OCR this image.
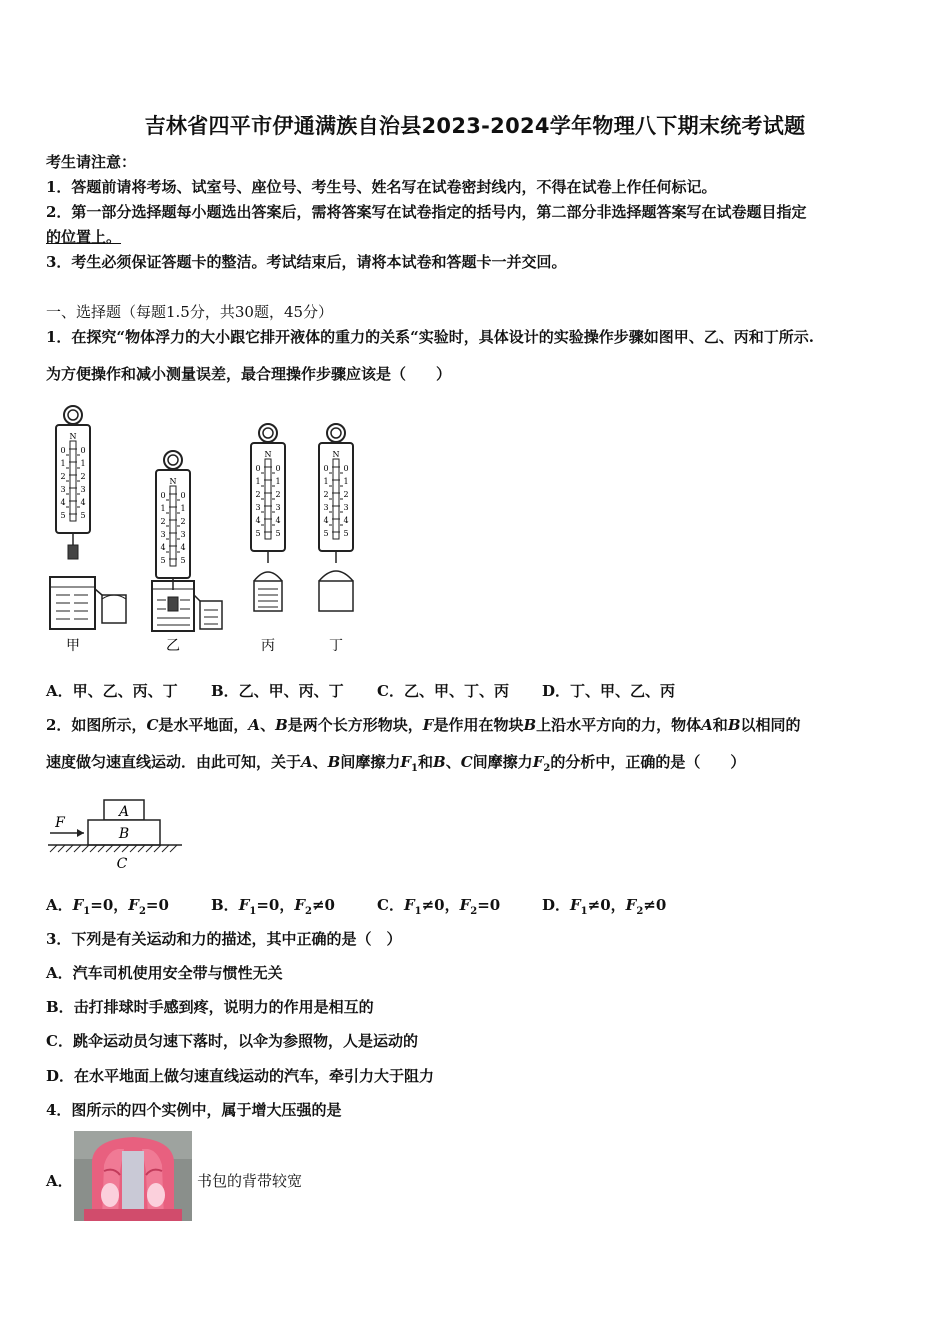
吉林省四平市伊通满族自治县2023-2024学年物理八下期末统考试题
考生请注意：
1．答题前请将考场、试室号、座位号、考生号、姓名写在试卷密封线内，不得在试卷上作任何标记。
2．第一部分选择题每小题选出答案后，需将答案写在试卷指定的括号内，第二部分非选择题答案写在试卷题目指定
的位置上。
3．考生必须保证答题卡的整洁。考试结束后，请将本试卷和答题卡一并交回。
一、选择题（每题1.5分，共30题，45分）
1．在探究“物体浮力的大小跟它排开液体的重力的关系“实验时，具体设计的实验操作步骤如图甲、乙、丙和丁所示.
为方便操作和减小测量误差，最合理操作步骤应该是（　　）
N
0 0
1 1
2 2
3 3
4 4
5 5
甲
N
0 0
1 1
2 2
3 3
4 4
5 5
乙
N
0 0
1 1
2 2
3 3
4 4
5 5
丙
N
0 0
1 1
2 2
3 3
4 4
5 5
丁
A．甲、乙、丙、丁 B．乙、甲、丙、丁 C．乙、甲、丁、丙 D．丁、甲、乙、丙
2．如图所示，C是水平地面，A、B是两个长方形物块，F是作用在物块B上沿水平方向的力，物体A和B以相同的
速度做匀速直线运动．由此可知，关于A、B间摩擦力$F_1$和B、C间摩擦力$F_2$的分析中，正确的是（　　）
A
B
C
F
A．$F_1=0$，$F_2=0$	B．$F_1=0$，$F_2\ne 0$	C．$F_1\ne 0$，$F_2=0$	D．$F_1\ne 0$，$F_2\ne 0$
3．下列是有关运动和力的描述，其中正确的是（　）
A．汽车司机使用安全带与惯性无关
B．击打排球时手感到疼，说明力的作用是相互的
C．跳伞运动员匀速下落时，以伞为参照物，人是运动的
D．在水平地面上做匀速直线运动的汽车，牵引力大于阻力
4．图所示的四个实例中，属于增大压强的是
A．	书包的背带较宽
